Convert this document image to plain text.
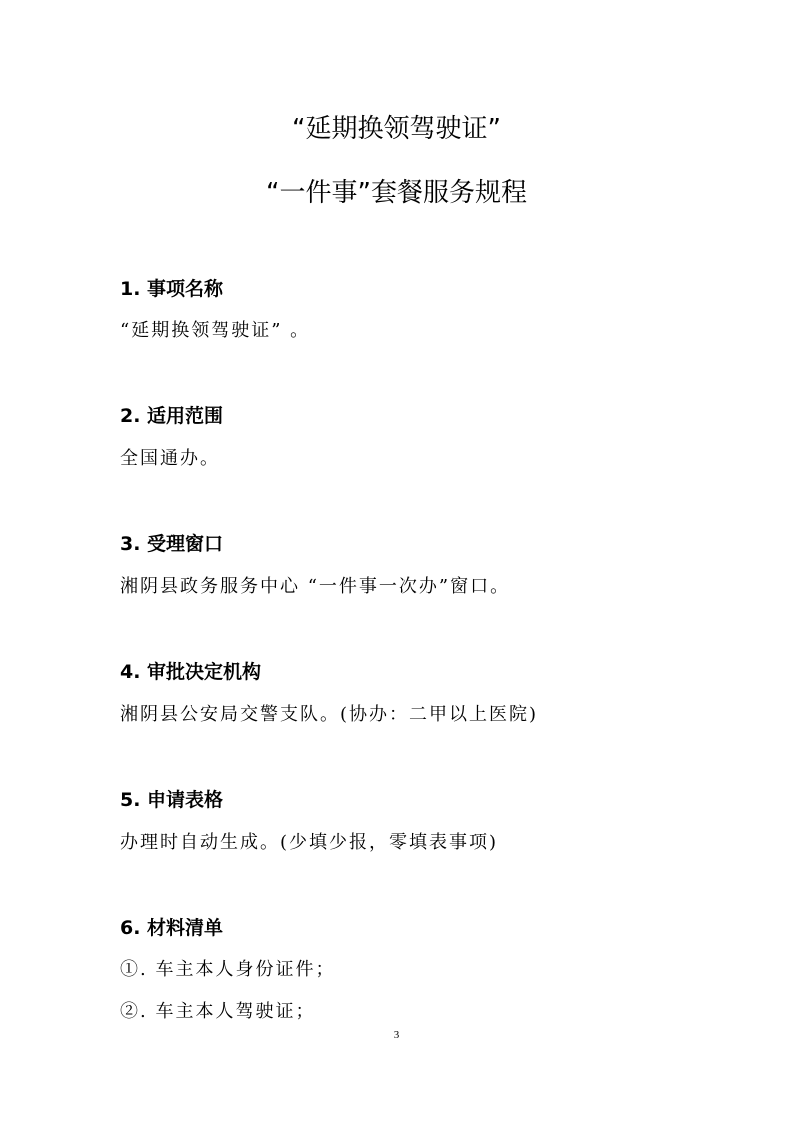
“延期换领驾驶证”
“一件事”套餐服务规程
1. 事项名称

“延期换领驾驶证” 。

2. 适用范围

全国通办。

3. 受理窗口

湘阴县政务服务中心 “一件事一次办”窗口。

4. 审批决定机构

湘阴县公安局交警支队。(协办：二甲以上医院)

5. 申请表格

办理时自动生成。(少填少报，零填表事项)

6. 材料清单

①. 车主本人身份证件；

②. 车主本人驾驶证；

3
